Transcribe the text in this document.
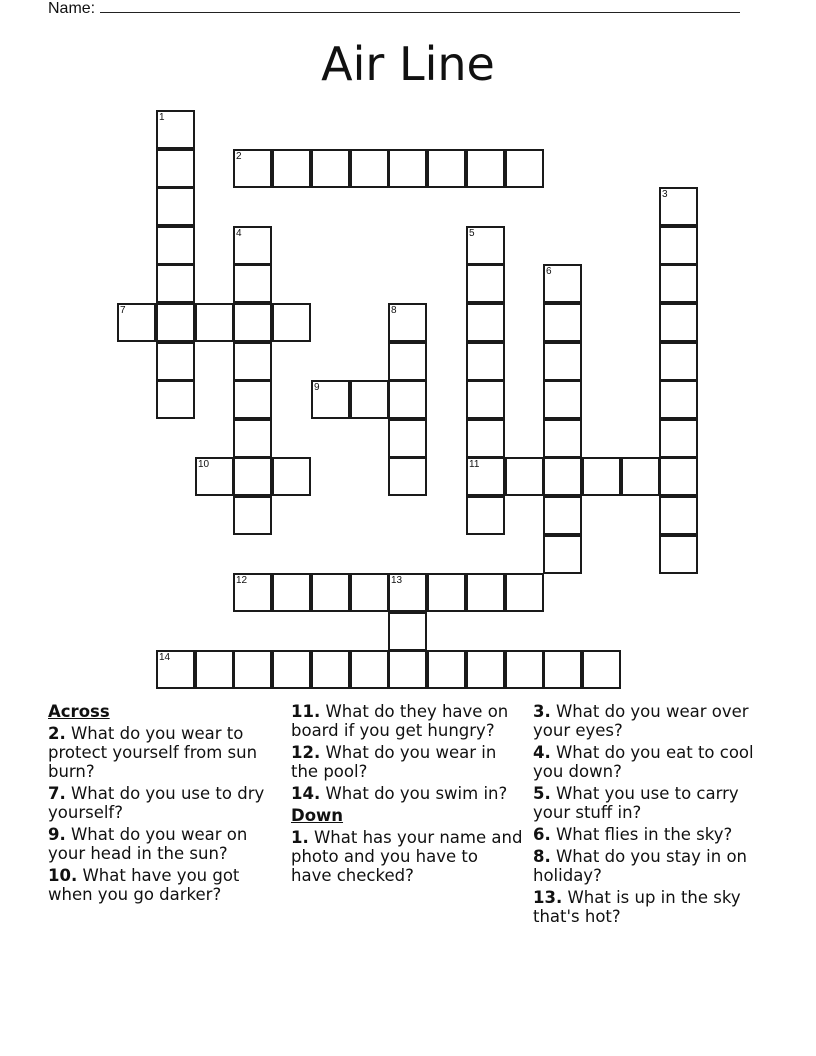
Name:
Air Line
1
2
3
4	5
6
7	8
9
10	11
12	13
14
Across
2. What do you wear to protect yourself from sun burn?
7. What do you use to dry yourself?
9. What do you wear on your head in the sun?
10. What have you got when you go darker?
11. What do they have on board if you get hungry?
12. What do you wear in the pool?
14. What do you swim in?
Down
1. What has your name and photo and you have to have checked?
3. What do you wear over your eyes?
4. What do you eat to cool you down?
5. What you use to carry your stuff in?
6. What flies in the sky?
8. What do you stay in on holiday?
13. What is up in the sky that's hot?
